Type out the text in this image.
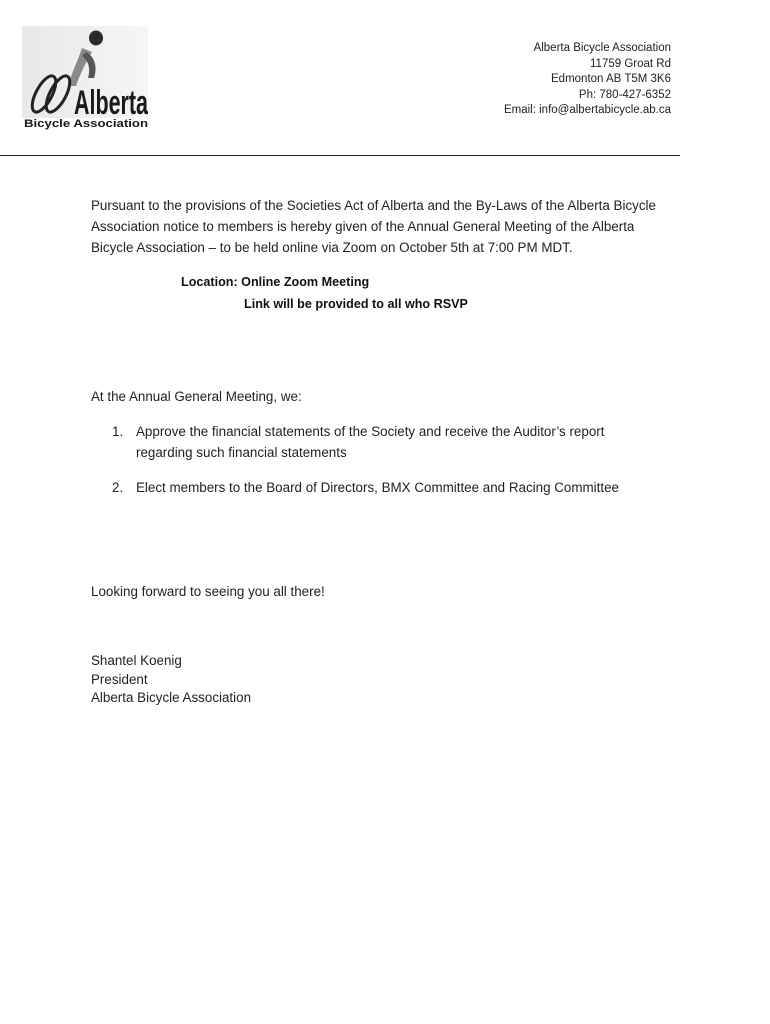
Alberta
Bicycle Association
Alberta Bicycle Association
11759 Groat Rd
Edmonton AB T5M 3K6
Ph: 780-427-6352
Email: info@albertabicycle.ab.ca
Pursuant to the provisions of the Societies Act of Alberta and the By-Laws of the Alberta Bicycle
Association notice to members is hereby given of the Annual General Meeting of the Alberta
Bicycle Association – to be held online via Zoom on October 5th at 7:00 PM MDT.
Location: Online Zoom Meeting
Link will be provided to all who RSVP
At the Annual General Meeting, we:
1. Approve the financial statements of the Society and receive the Auditor’s report
regarding such financial statements
2. Elect members to the Board of Directors, BMX Committee and Racing Committee
Looking forward to seeing you all there!
Shantel Koenig
President
Alberta Bicycle Association
